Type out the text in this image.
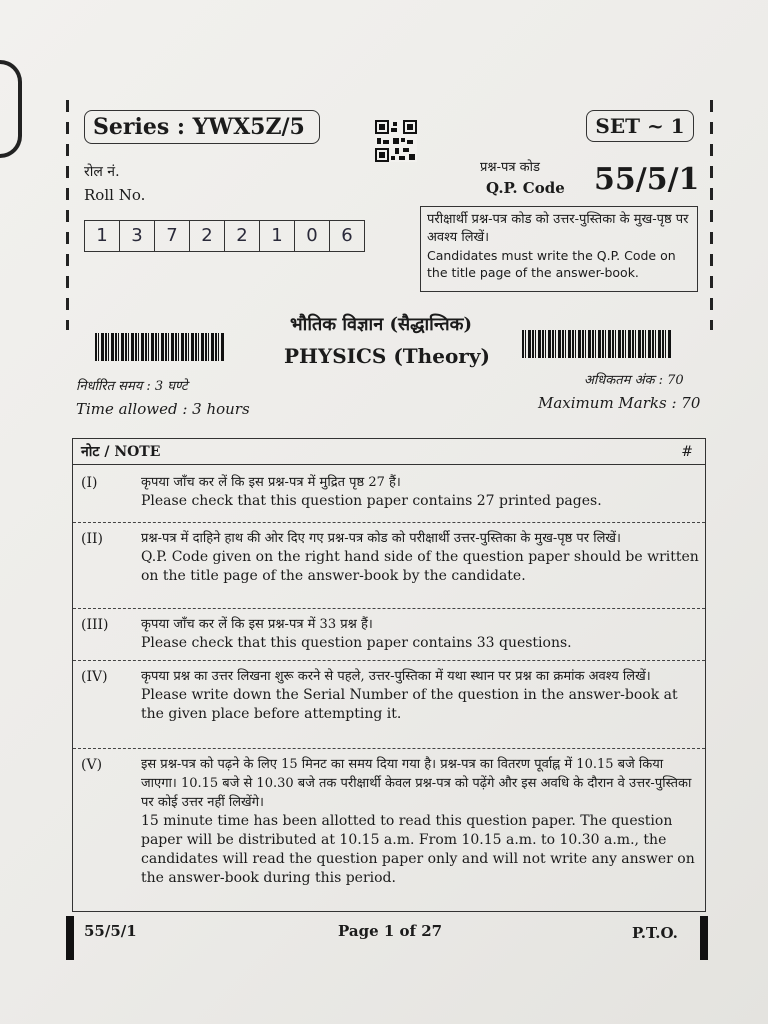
Series : YWX5Z/5	SET ~ 1
रोल नं.
Roll No.
प्रश्न-पत्र कोड
Q.P. Code 55/5/1
1	3	7	2	2	1	0	6
परीक्षार्थी प्रश्न-पत्र कोड को उत्तर-पुस्तिका के मुख-पृष्ठ पर अवश्य लिखें।
Candidates must write the Q.P. Code on the title page of the answer-book.
भौतिक विज्ञान (सैद्धान्तिक)
PHYSICS (Theory)
निर्धारित समय : 3 घण्टे
Time allowed : 3 hours
अधिकतम अंक : 70
Maximum Marks : 70
नोट / NOTE	#
(I)	कृपया जाँच कर लें कि इस प्रश्न-पत्र में मुद्रित पृष्ठ 27 हैं।
Please check that this question paper contains 27 printed pages.
(II)	प्रश्न-पत्र में दाहिने हाथ की ओर दिए गए प्रश्न-पत्र कोड को परीक्षार्थी उत्तर-पुस्तिका के मुख-पृष्ठ पर लिखें।
Q.P. Code given on the right hand side of the question paper should be written on the title page of the answer-book by the candidate.
(III) कृपया जाँच कर लें कि इस प्रश्न-पत्र में 33 प्रश्न हैं।
Please check that this question paper contains 33 questions.
(IV)	कृपया प्रश्न का उत्तर लिखना शुरू करने से पहले, उत्तर-पुस्तिका में यथा स्थान पर प्रश्न का क्रमांक अवश्य लिखें।
Please write down the Serial Number of the question in the answer-book at the given place before attempting it.
(V)	इस प्रश्न-पत्र को पढ़ने के लिए 15 मिनट का समय दिया गया है। प्रश्न-पत्र का वितरण पूर्वाह्न में 10.15 बजे किया जाएगा। 10.15 बजे से 10.30 बजे तक परीक्षार्थी केवल प्रश्न-पत्र को पढ़ेंगे और इस अवधि के दौरान वे उत्तर-पुस्तिका पर कोई उत्तर नहीं लिखेंगे।
15 minute time has been allotted to read this question paper. The question paper will be distributed at 10.15 a.m. From 10.15 a.m. to 10.30 a.m., the candidates will read the question paper only and will not write any answer on the answer-book during this period.
55/5/1	Page 1 of 27	P.T.O.
